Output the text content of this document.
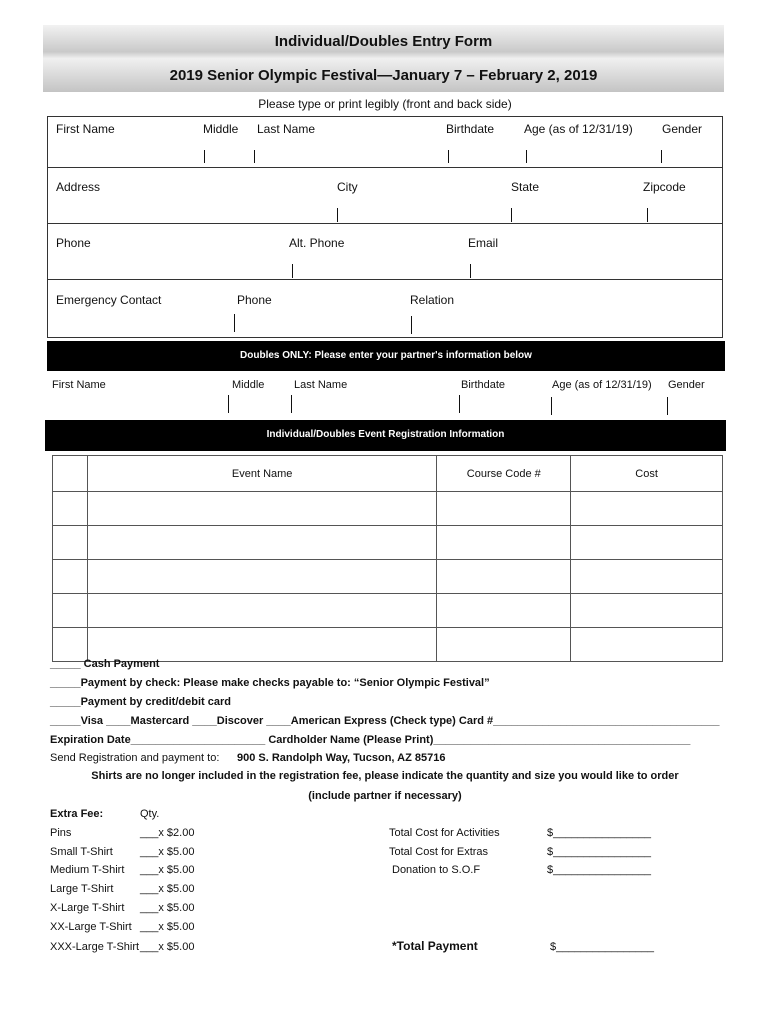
Individual/Doubles Entry Form
2019 Senior Olympic Festival—January 7 – February 2, 2019
Please type or print legibly (front and back side)
First Name	Middle Last Name	Birthdate Age (as of 12/31/19) Gender
Address	City	State	Zipcode
Phone	Alt. Phone	Email
Emergency Contact	Phone	Relation
Doubles ONLY: Please enter your partner's information below
First Name	Middle	Last Name	Birthdate	Age (as of 12/31/19) Gender
Individual/Doubles Event Registration Information
	Event Name	Course Code #	Cost

_____ Cash Payment
_____Payment by check: Please make checks payable to: “Senior Olympic Festival”
_____Payment by credit/debit card
_____Visa ____Mastercard ____Discover ____American Express (Check type) Card #_____________________________________
Expiration Date______________________ Cardholder Name (Please Print)__________________________________________
Send Registration and payment to: 900 S. Randolph Way, Tucson, AZ 85716
Shirts are no longer included in the registration fee, please indicate the quantity and size you would like to order
(include partner if necessary)
Extra Fee:	Qty.
Pins	___x $2.00
Small T-Shirt ___x $5.00
Medium T-Shirt ___x $5.00
Large T-Shirt ___x $5.00
X-Large T-Shirt ___x $5.00
XX-Large T-Shirt ___x $5.00
XXX-Large T-Shirt ___x $5.00
Total Cost for Activities	$________________
Total Cost for Extras	$________________
Donation to S.O.F	$________________
*Total Payment	$________________
